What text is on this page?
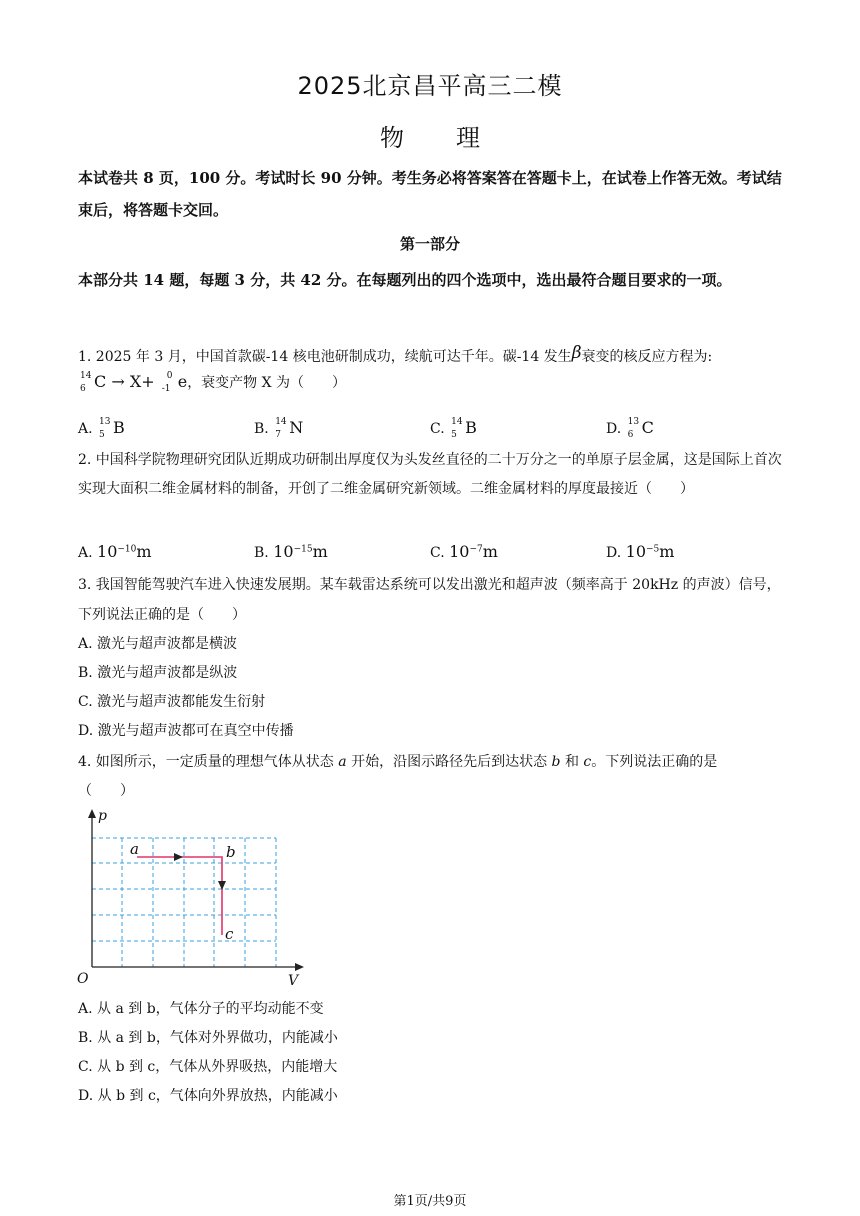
2025北京昌平高三二模
物 理
本试卷共 8 页，100 分。考试时长 90 分钟。考生务必将答案答在答题卡上，在试卷上作答无效。考试结束后，将答题卡交回。
第一部分
本部分共 14 题，每题 3 分，共 42 分。在每题列出的四个选项中，选出最符合题目要求的一项。
1. 2025 年 3 月，中国首款碳-14 核电池研制成功，续航可达千年。碳-14 发生β衰变的核反应方程为:
14
6 C → X+ 0
-1 e，衰变产物 X 为（　　）
A. 13
5 B	B. 14
7 N	C. 14
5 B	D. 13
6 C
2. 中国科学院物理研究团队近期成功研制出厚度仅为头发丝直径的二十万分之一的单原子层金属，这是国际上首次实现大面积二维金属材料的制备，开创了二维金属研究新领域。二维金属材料的厚度最接近（　　）
A. $10^{-10}m$	B. $10^{-15}m$	C. $10^{-7}m$	D. $10^{-5}m$
3. 我国智能驾驶汽车进入快速发展期。某车载雷达系统可以发出激光和超声波（频率高于 20kHz 的声波）信号，下列说法正确的是（　　）
A. 激光与超声波都是横波
B. 激光与超声波都是纵波
C. 激光与超声波都能发生衍射
D. 激光与超声波都可在真空中传播
4. 如图所示，一定质量的理想气体从状态 a 开始，沿图示路径先后到达状态 b 和 c。下列说法正确的是
（　　）
p
V
O
a	b
c
A. 从 a 到 b，气体分子的平均动能不变
B. 从 a 到 b，气体对外界做功，内能减小
C. 从 b 到 c，气体从外界吸热，内能增大
D. 从 b 到 c，气体向外界放热，内能减小
第1页/共9页
